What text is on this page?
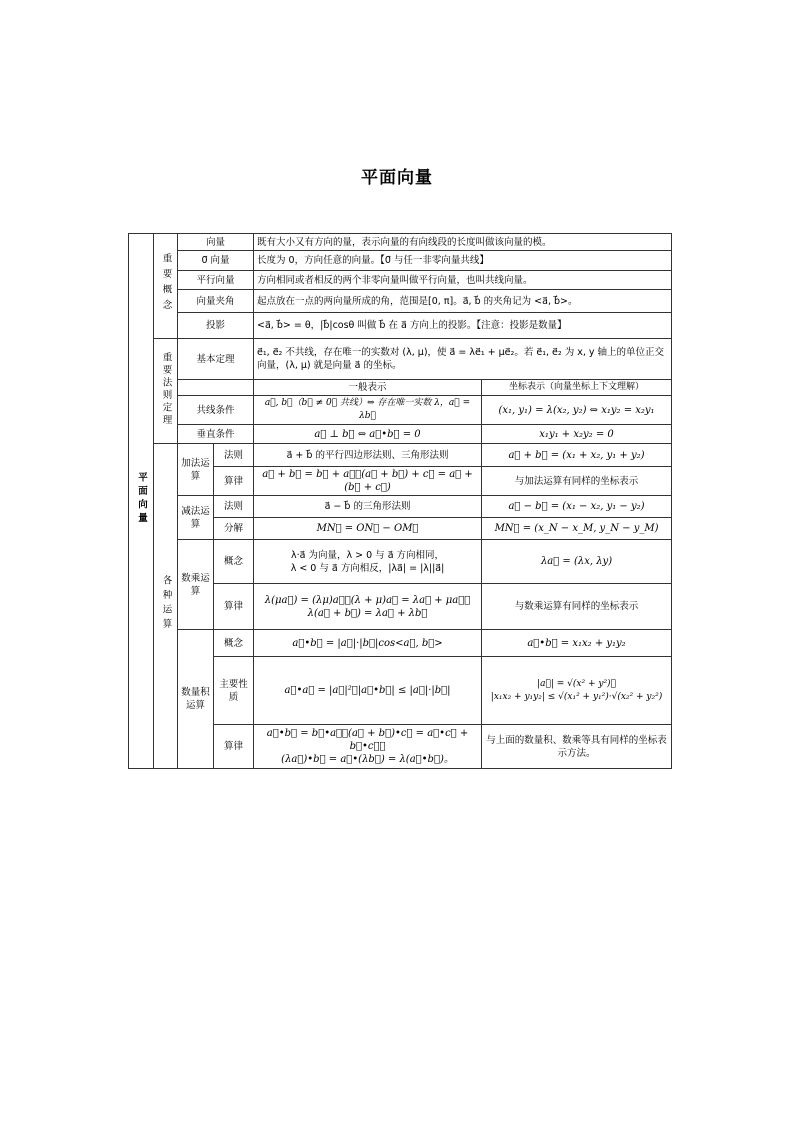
平面向量
平面向量	重要概念	向量		既有大小又有方向的量，表示向量的有向线段的长度叫做该向量的模。	
		0⃗ 向量		长度为 0，方向任意的向量。【0⃗ 与任一非零向量共线】	
		平行向量		方向相同或者相反的两个非零向量叫做平行向量，也叫共线向量。	
		向量夹角		起点放在一点的两向量所成的角，范围是[0, π]。a⃗, b⃗ 的夹角记为 <a⃗, b⃗>。	
		投影		<a⃗, b⃗> = θ，|b⃗|cosθ 叫做 b⃗ 在 a⃗ 方向上的投影。【注意：投影是数量】	
	重要法则定理	基本定理		e⃗₁, e⃗₂ 不共线，存在唯一的实数对 (λ, μ)，使 a⃗ = λe⃗₁ + μe⃗₂。若 e⃗₁, e⃗₂ 为 x, y 轴上的单位正交向量，(λ, μ) 就是向量 a⃗ 的坐标。	
				一般表示	坐标表示（向量坐标上下文理解）
		共线条件		a⃗, b⃗（b⃗ ≠ 0⃗ 共线）⇔ 存在唯一实数 λ，a⃗ = λb⃗	(x₁, y₁) = λ(x₂, y₂) ⇔ x₁y₂ = x₂y₁
		垂直条件		a⃗ ⊥ b⃗ ⇔ a⃗•b⃗ = 0	x₁y₁ + x₂y₂ = 0
	各种运算	加法运算	法则	a⃗ + b⃗ 的平行四边形法则、三角形法则	a⃗ + b⃗ = (x₁ + x₂, y₁ + y₂)
			算律	a⃗ + b⃗ = b⃗ + a⃗，(a⃗ + b⃗) + c⃗ = a⃗ + (b⃗ + c⃗)	与加法运算有同样的坐标表示
		减法运算	法则	a⃗ − b⃗ 的三角形法则	a⃗ − b⃗ = (x₁ − x₂, y₁ − y₂)
			分解	MN⃗ = ON⃗ − OM⃗	MN⃗ = (x_N − x_M, y_N − y_M)
		数乘运算	概念	λ·a⃗ 为向量，λ > 0 与 a⃗ 方向相同，
λ < 0 与 a⃗ 方向相反，|λa⃗| = |λ||a⃗|	λa⃗ = (λx, λy)
			算律	λ(μa⃗) = (λμ)a⃗，(λ + μ)a⃗ = λa⃗ + μa⃗，
λ(a⃗ + b⃗) = λa⃗ + λb⃗	与数乘运算有同样的坐标表示
		数量积运算	概念	a⃗•b⃗ = |a⃗|·|b⃗|cos<a⃗, b⃗>	a⃗•b⃗ = x₁x₂ + y₁y₂
			主要性质	a⃗•a⃗ = |a⃗|²，|a⃗•b⃗| ≤ |a⃗|·|b⃗|	|a⃗| = √(x² + y²)，
|x₁x₂ + y₁y₂| ≤ √(x₁² + y₁²)·√(x₂² + y₂²)

			算律	a⃗•b⃗ = b⃗•a⃗，(a⃗ + b⃗)•c⃗ = a⃗•c⃗ + b⃗•c⃗，
(λa⃗)•b⃗ = a⃗•(λb⃗) = λ(a⃗•b⃗)。	与上面的数量积、数乘等具有同样的坐标表示方法。
